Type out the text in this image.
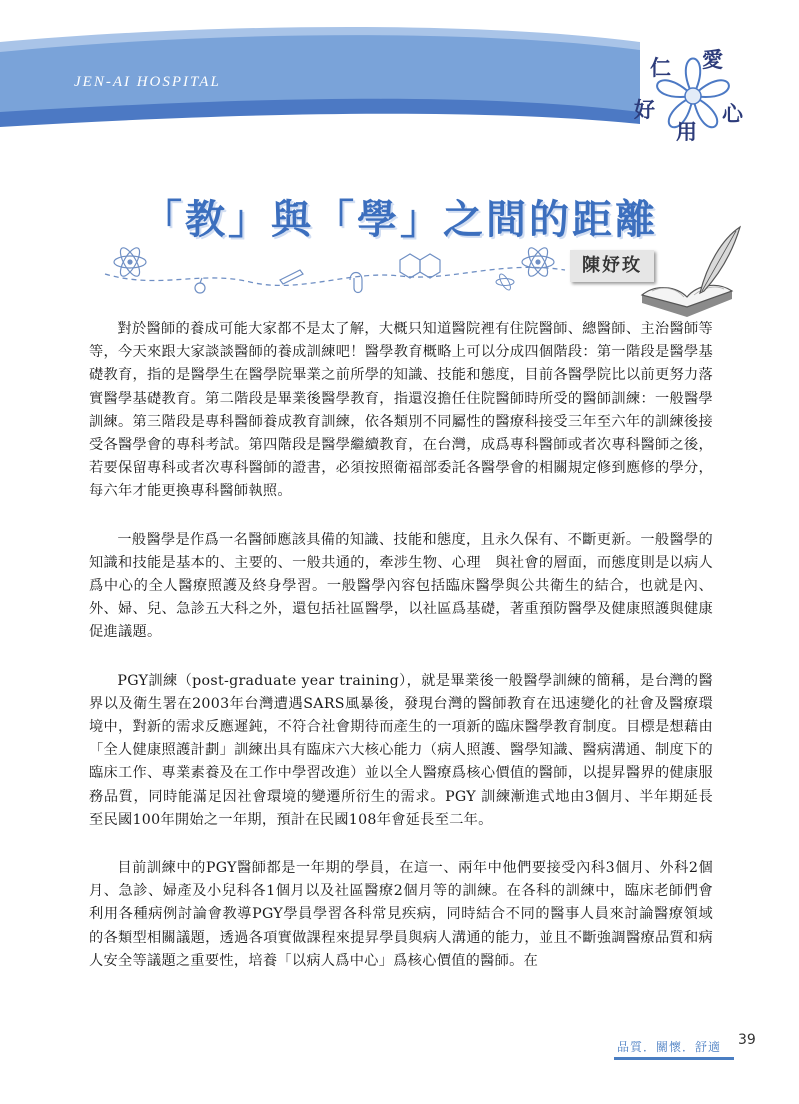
JEN-AI HOSPITAL
仁 愛
好
用
心
「教」與「學」之間的距離
陳妤玫

對於醫師的養成可能大家都不是太了解，大概只知道醫院裡有住院醫師、總醫師、主治醫師等等，今天來跟大家談談醫師的養成訓練吧！醫學教育概略上可以分成四個階段：第一階段是醫學基礎教育，指的是醫學生在醫學院畢業之前所學的知識、技能和態度，目前各醫學院比以前更努力落實醫學基礎教育。第二階段是畢業後醫學教育，指還沒擔任住院醫師時所受的醫師訓練：一般醫學訓練。第三階段是專科醫師養成教育訓練，依各類別不同屬性的醫療科接受三年至六年的訓練後接受各醫學會的專科考試。第四階段是醫學繼續教育，在台灣，成爲專科醫師或者次專科醫師之後，若要保留專科或者次專科醫師的證書，必須按照衛福部委託各醫學會的相關規定修到應修的學分，每六年才能更換專科醫師執照。

一般醫學是作爲一名醫師應該具備的知識、技能和態度，且永久保有、不斷更新。一般醫學的知識和技能是基本的、主要的、一般共通的，牽涉生物、心理　與社會的層面，而態度則是以病人爲中心的全人醫療照護及終身學習。一般醫學內容包括臨床醫學與公共衛生的結合，也就是內、外、婦、兒、急診五大科之外，還包括社區醫學，以社區爲基礎，著重預防醫學及健康照護與健康促進議題。

PGY訓練（post-graduate year training），就是畢業後一般醫學訓練的簡稱，是台灣的醫界以及衛生署在2003年台灣遭遇SARS風暴後，發現台灣的醫師教育在迅速變化的社會及醫療環境中，對新的需求反應遲鈍，不符合社會期待而產生的一項新的臨床醫學教育制度。目標是想藉由「全人健康照護計劃」訓練出具有臨床六大核心能力（病人照護、醫學知識、醫病溝通、制度下的臨床工作、專業素養及在工作中學習改進）並以全人醫療爲核心價值的醫師，以提昇醫界的健康服務品質，同時能滿足因社會環境的變遷所衍生的需求。PGY 訓練漸進式地由3個月、半年期延長至民國100年開始之一年期，預計在民國108年會延長至二年。

目前訓練中的PGY醫師都是一年期的學員，在這一、兩年中他們要接受內科3個月、外科2個月、急診、婦產及小兒科各1個月以及社區醫療2個月等的訓練。在各科的訓練中，臨床老師們會利用各種病例討論會教導PGY學員學習各科常見疾病，同時結合不同的醫事人員來討論醫療領域的各類型相關議題，透過各項實做課程來提昇學員與病人溝通的能力，並且不斷強調醫療品質和病人安全等議題之重要性，培養「以病人爲中心」爲核心價值的醫師。在

品質．關懷．舒適 39
